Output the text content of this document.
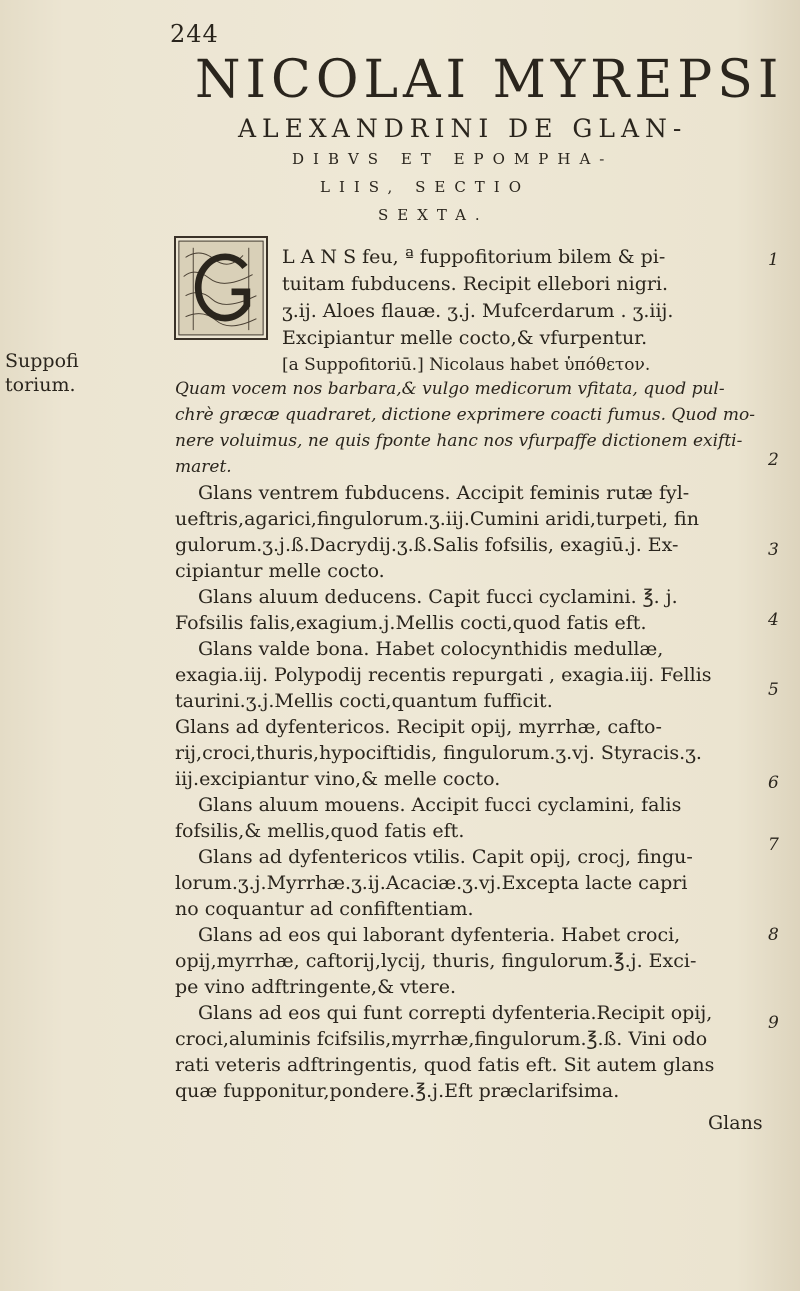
244
NICOLAI MYREPSI
ALEXANDRINI DE GLAN-
DIBVS ET EPOMPHA-
LIIS, SECTIO
SEXTA.
Suppofi
torium.
1
2
3
4
5
6
7
8
9
L A N S feu, ª fuppofitorium bilem & pi-
tuitam fubducens. Recipit ellebori nigri.
ʒ.ij. Aloes flauæ. ʒ.j. Mufcerdarum . ʒ.iij.
Excipiantur melle cocto,& vfurpentur.
[a Suppofitoriū.] Nicolaus habet ὑπόθετον.
Quam vocem nos barbara,& vulgo medicorum vfitata, quod pul-
chrè græcæ quadraret, dictione exprimere coacti fumus. Quod mo-
nere voluimus, ne quis fponte hanc nos vfurpaffe dictionem exifti-
maret.
Glans ventrem fubducens. Accipit feminis rutæ fyl-
ueftris,agarici,fingulorum.ʒ.iij.Cumini aridi,turpeti, fin
gulorum.ʒ.j.ß.Dacrydij.ʒ.ß.Salis fofsilis, exagiū.j. Ex-
cipiantur melle cocto.
Glans aluum deducens. Capit fucci cyclamini. ℥. j.
Fofsilis falis,exagium.j.Mellis cocti,quod fatis eft.
Glans valde bona. Habet colocynthidis medullæ,
exagia.iij. Polypodij recentis repurgati , exagia.iij. Fellis
taurini.ʒ.j.Mellis cocti,quantum fufficit.
Glans ad dyfentericos. Recipit opij, myrrhæ, cafto-
rij,croci,thuris,hypociftidis, fingulorum.ʒ.vj. Styracis.ʒ.
iij.excipiantur vino,& melle cocto.
Glans aluum mouens. Accipit fucci cyclamini, falis
fofsilis,& mellis,quod fatis eft.
Glans ad dyfentericos vtilis. Capit opij, crocj, fingu-
lorum.ʒ.j.Myrrhæ.ʒ.ij.Acaciæ.ʒ.vj.Excepta lacte capri
no coquantur ad confiftentiam.
Glans ad eos qui laborant dyfenteria. Habet croci,
opij,myrrhæ, caftorij,lycij, thuris, fingulorum.℥.j. Exci-
pe vino adftringente,& vtere.
Glans ad eos qui funt correpti dyfenteria.Recipit opij,
croci,aluminis fcifsilis,myrrhæ,fingulorum.℥.ß. Vini odo
rati veteris adftringentis, quod fatis eft. Sit autem glans
quæ fupponitur,pondere.℥.j.Eft præclarifsima.
Glans
